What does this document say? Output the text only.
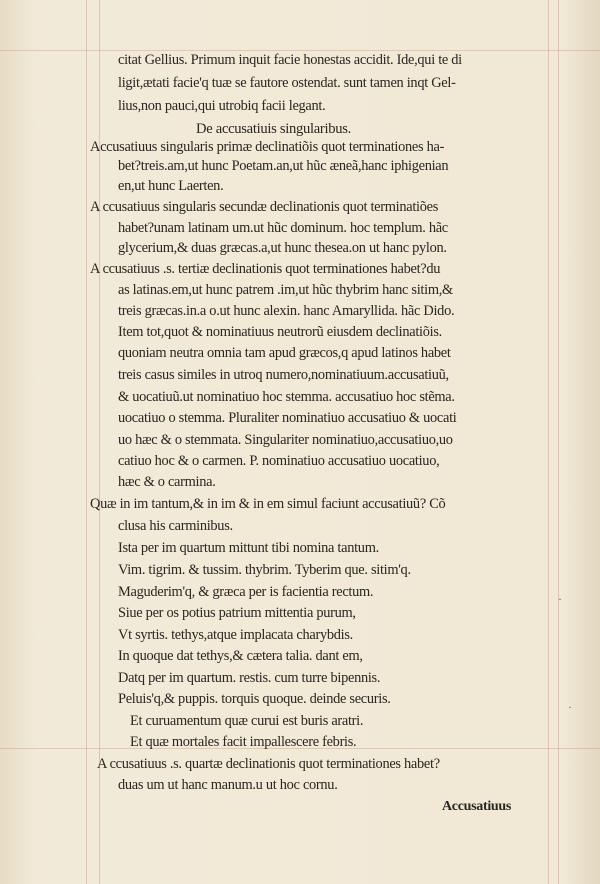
·
·
citat Gellius. Primum inquit facie honestas accidit. Ide,qui te di
ligit,ætati facie'q tuæ se fautore ostendat. sunt tamen inqt Gel-
lius,non pauci,qui utrobiq facii legant.
De accusatiuis singularibus.
Accusatiuus singularis primæ declinatiõis quot terminationes ha-
bet?treis.am,ut hunc Poetam.an,ut hũc æneã,hanc iphigenian
en,ut hunc Laerten.
A ccusatiuus singularis secundæ declinationis quot terminatiões
habet?unam latinam um.ut hũc dominum. hoc templum. hãc
glycerium,& duas græcas.a,ut hunc thesea.on ut hanc pylon.
A ccusatiuus .s. tertiæ declinationis quot terminationes habet?du
as latinas.em,ut hunc patrem .im,ut hũc thybrim hanc sitim,&
treis græcas.in.a o.ut hunc alexin. hanc Amaryllida. hãc Dido.
Item tot,quot & nominatiuus neutrorũ eiusdem declinatiõis.
quoniam neutra omnia tam apud græcos,q apud latinos habet
treis casus similes in utroq numero,nominatiuum.accusatiuũ,
& uocatiuũ.ut nominatiuo hoc stemma. accusatiuo hoc stẽma.
uocatiuo o stemma. Pluraliter nominatiuo accusatiuo & uocati
uo hæc & o stemmata. Singulariter nominatiuo,accusatiuo,uo
catiuo hoc & o carmen. P. nominatiuo accusatiuo uocatiuo,
hæc & o carmina.
Quæ in im tantum,& in im & in em simul faciunt accusatiuũ? Cõ
clusa his carminibus.
Ista per im quartum mittunt tibi nomina tantum.
Vim. tigrim. & tussim. thybrim. Tyberim que. sitim'q.
Maguderim'q, & græca per is facientia rectum.
Siue per os potius patrium mittentia purum,
Vt syrtis. tethys,atque implacata charybdis.
In quoque dat tethys,& cætera talia. dant em,
Datq per im quartum. restis. cum turre bipennis.
Peluis'q,& puppis. torquis quoque. deinde securis.
Et curuamentum quæ curui est buris aratri.
Et quæ mortales facit impallescere febris.
A ccusatiuus .s. quartæ declinationis quot terminationes habet?
duas um ut hanc manum.u ut hoc cornu.
Accusatiuus
